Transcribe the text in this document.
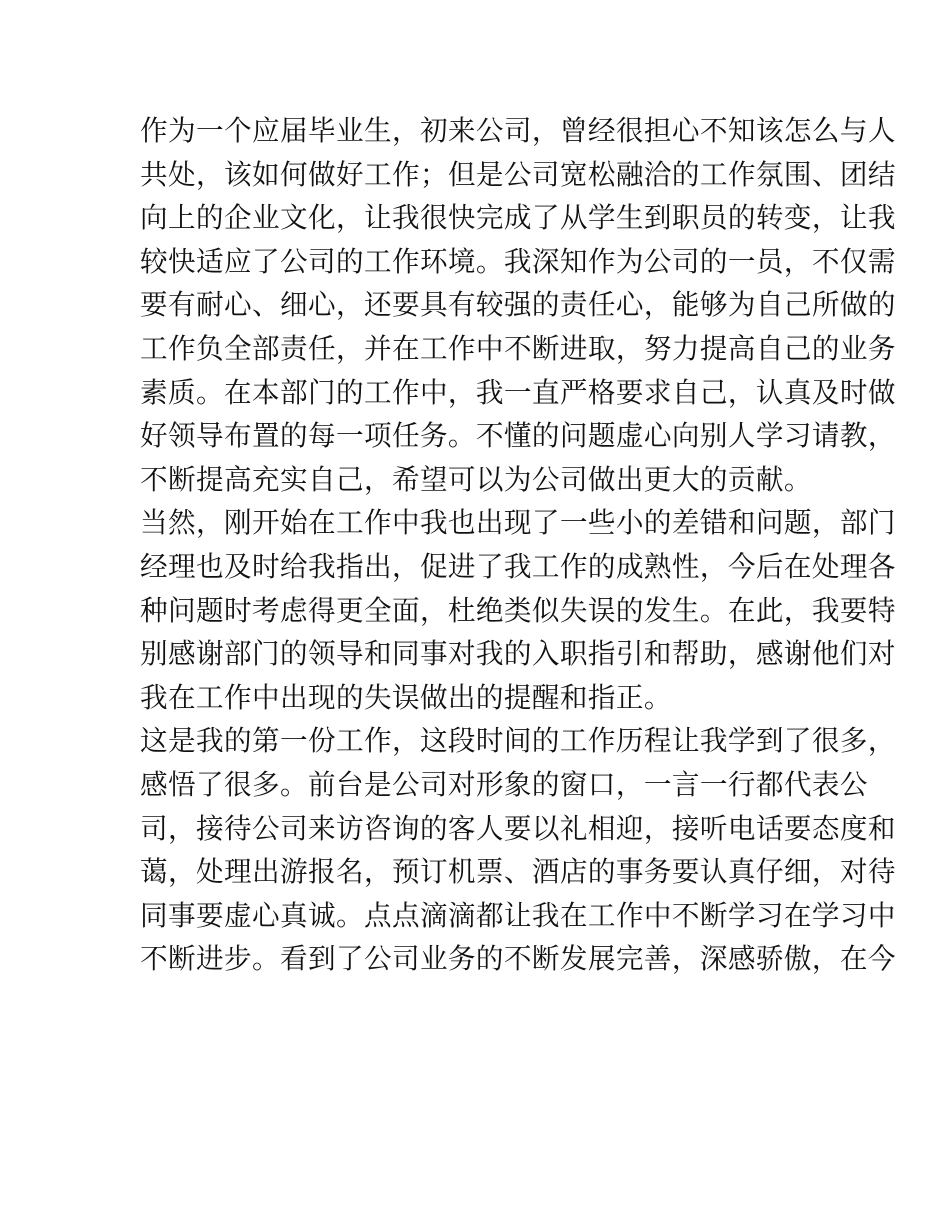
作为一个应届毕业生，初来公司，曾经很担心不知该怎么与人
共处，该如何做好工作；但是公司宽松融洽的工作氛围、团结
向上的企业文化，让我很快完成了从学生到职员的转变，让我
较快适应了公司的工作环境。我深知作为公司的一员，不仅需
要有耐心、细心，还要具有较强的责任心，能够为自己所做的
工作负全部责任，并在工作中不断进取，努力提高自己的业务
素质。在本部门的工作中，我一直严格要求自己，认真及时做
好领导布置的每一项任务。不懂的问题虚心向别人学习请教，
不断提高充实自己，希望可以为公司做出更大的贡献。
当然，刚开始在工作中我也出现了一些小的差错和问题，部门
经理也及时给我指出，促进了我工作的成熟性，今后在处理各
种问题时考虑得更全面，杜绝类似失误的发生。在此，我要特
别感谢部门的领导和同事对我的入职指引和帮助，感谢他们对
我在工作中出现的失误做出的提醒和指正。
这是我的第一份工作，这段时间的工作历程让我学到了很多，
感悟了很多。前台是公司对形象的窗口，一言一行都代表公
司，接待公司来访咨询的客人要以礼相迎，接听电话要态度和
蔼，处理出游报名，预订机票、酒店的事务要认真仔细，对待
同事要虚心真诚。点点滴滴都让我在工作中不断学习在学习中
不断进步。看到了公司业务的不断发展完善，深感骄傲，在今
